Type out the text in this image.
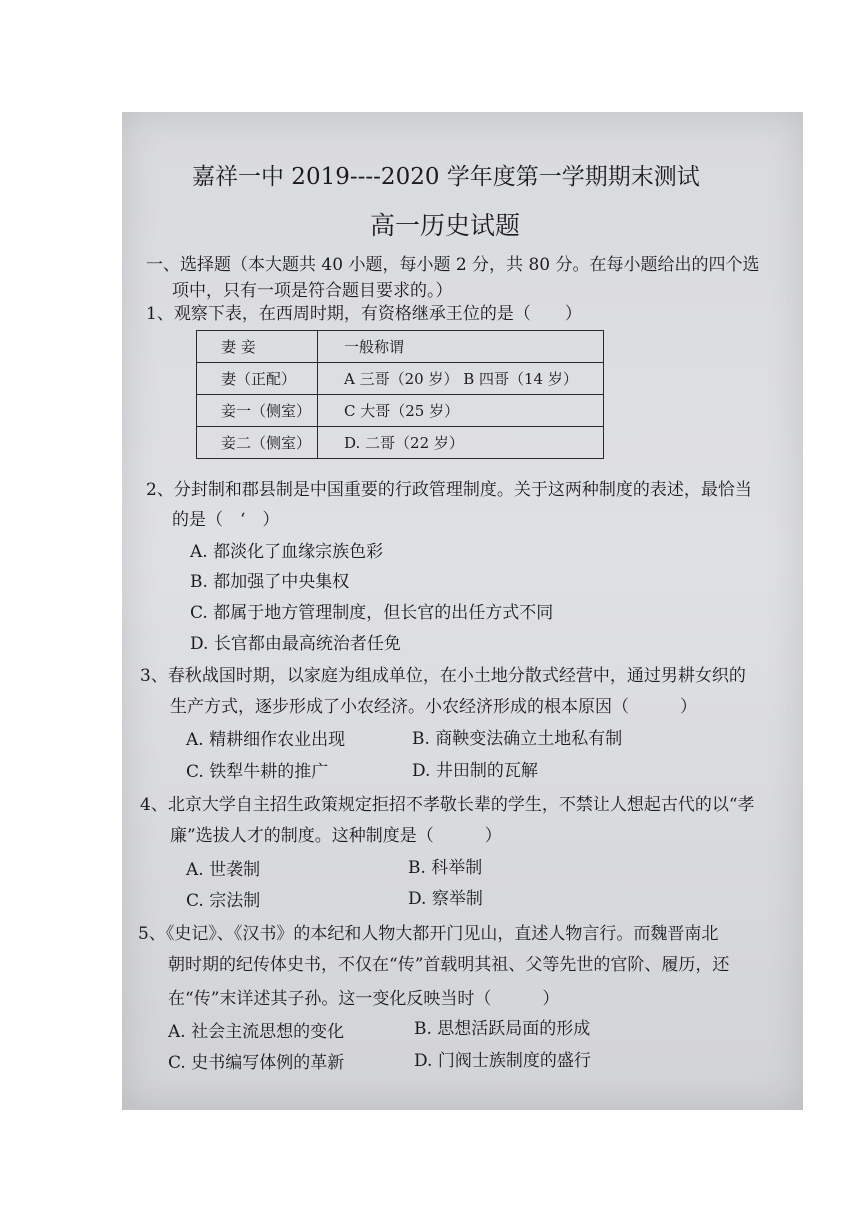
嘉祥一中 2019----2020 学年度第一学期期末测试
高一历史试题
一、选择题（本大题共 40 小题，每小题 2 分，共 80 分。在每小题给出的四个选
项中，只有一项是符合题目要求的。）
1、观察下表，在西周时期，有资格继承王位的是（　　）
妻 妾	一般称谓
妻（正配）	A 三哥（20 岁） B 四哥（14 岁）
妾一（侧室）	C 大哥（25 岁）
妾二（侧室）	D. 二哥（22 岁）
2、分封制和郡县制是中国重要的行政管理制度。关于这两种制度的表述，最恰当
的是（　‘　）
A. 都淡化了血缘宗族色彩
B. 都加强了中央集权
C. 都属于地方管理制度，但长官的出任方式不同
D. 长官都由最高统治者任免
3、春秋战国时期，以家庭为组成单位，在小土地分散式经营中，通过男耕女织的
生产方式，逐步形成了小农经济。小农经济形成的根本原因（　　　）
A. 精耕细作农业出现	B. 商鞅变法确立土地私有制
C. 铁犁牛耕的推广	D. 井田制的瓦解
4、北京大学自主招生政策规定拒招不孝敬长辈的学生，不禁让人想起古代的以“孝
廉”选拔人才的制度。这种制度是（　　　）
A. 世袭制	B. 科举制
C. 宗法制	D. 察举制
5、《史记》、《汉书》的本纪和人物大都开门见山，直述人物言行。而魏晋南北
朝时期的纪传体史书，不仅在“传”首载明其祖、父等先世的官阶、履历，还
在“传”末详述其子孙。这一变化反映当时（　　　）
A. 社会主流思想的变化	B. 思想活跃局面的形成
C. 史书编写体例的革新	D. 门阀士族制度的盛行
